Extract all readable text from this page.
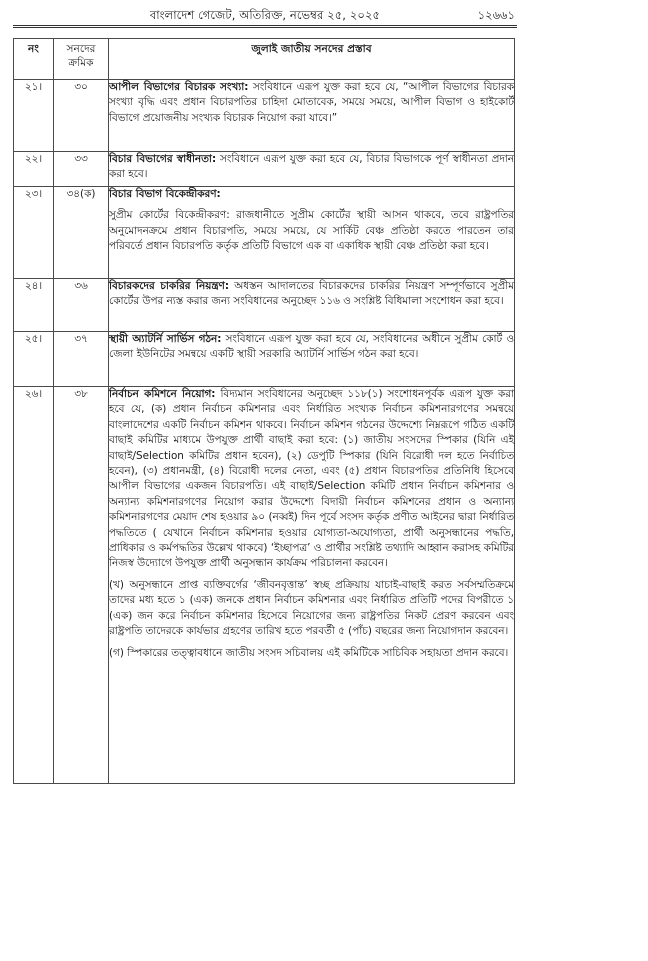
বাংলাদেশ গেজেট, অতিরিক্ত, নভেম্বর ২৫, ২০২৫	১২৬৬১
নং	সনদের ক্রমিক	জুলাই জাতীয় সনদের প্রস্তাব
২১।	৩০	আপীল বিভাগের বিচারক সংখ্যা: সংবিধানে এরূপ যুক্ত করা হবে যে, “আপীল বিভাগের বিচারক সংখ্যা বৃদ্ধি এবং প্রধান বিচারপতির চাহিদা মোতাবেক, সময়ে সময়ে, আপীল বিভাগ ও হাইকোর্ট বিভাগে প্রয়োজনীয় সংখ্যক বিচারক নিয়োগ করা যাবে।”

২২।	৩৩	বিচার বিভাগের স্বাধীনতা: সংবিধানে এরূপ যুক্ত করা হবে যে, বিচার বিভাগকে পূর্ণ স্বাধীনতা প্রদান করা হবে।

২৩।	৩৪(ক)	বিচার বিভাগ বিকেন্দ্রীকরণ:

সুপ্রীম কোর্টের বিকেন্দ্রীকরণ: রাজধানীতে সুপ্রীম কোর্টের স্থায়ী আসন থাকবে, তবে রাষ্ট্রপতির অনুমোদনক্রমে প্রধান বিচারপতি, সময়ে সময়ে, যে সার্কিট বেঞ্চ প্রতিষ্ঠা করতে পারতেন তার পরিবর্তে প্রধান বিচারপতি কর্তৃক প্রতিটি বিভাগে এক বা একাধিক স্থায়ী বেঞ্চ প্রতিষ্ঠা করা হবে।

২৪।	৩৬	বিচারকদের চাকরির নিয়ন্ত্রণ: অধস্তন আদালতের বিচারকদের চাকরির নিয়ন্ত্রণ সম্পূর্ণভাবে সুপ্রীম কোর্টের উপর ন্যস্ত করার জন্য সংবিধানের অনুচ্ছেদ ১১৬ ও সংশ্লিষ্ট বিধিমালা সংশোধন করা হবে।

২৫।	৩৭	স্থায়ী অ্যাটর্নি সার্ভিস গঠন: সংবিধানে এরূপ যুক্ত করা হবে যে, সংবিধানের অধীনে সুপ্রীম কোর্ট ও জেলা ইউনিটের সমন্বয়ে একটি স্থায়ী সরকারি অ্যাটর্নি সার্ভিস গঠন করা হবে।

২৬।	৩৮	নির্বাচন কমিশনে নিয়োগ: বিদ্যমান সংবিধানের অনুচ্ছেদ ১১৮(১) সংশোধনপূর্বক এরূপ যুক্ত করা হবে যে, (ক) প্রধান নির্বাচন কমিশনার এবং নির্ধারিত সংখ্যক নির্বাচন কমিশনারগণের সমন্বয়ে বাংলাদেশের একটি নির্বাচন কমিশন থাকবে। নির্বাচন কমিশন গঠনের উদ্দেশ্যে নিম্নরূপে গঠিত একটি বাছাই কমিটির মাধ্যমে উপযুক্ত প্রার্থী বাছাই করা হবে: (১) জাতীয় সংসদের স্পিকার (যিনি এই বাছাই/Selection কমিটির প্রধান হবেন), (২) ডেপুটি স্পিকার (যিনি বিরোধী দল হতে নির্বাচিত হবেন), (৩) প্রধানমন্ত্রী, (৪) বিরোধী দলের নেতা, এবং (৫) প্রধান বিচারপতির প্রতিনিধি হিসেবে আপীল বিভাগের একজন বিচারপতি। এই বাছাই/Selection কমিটি প্রধান নির্বাচন কমিশনার ও অন্যান্য কমিশনারগণের নিয়োগ করার উদ্দেশ্যে বিদায়ী নির্বাচন কমিশনের প্রধান ও অন্যান্য কমিশনারগণের মেয়াদ শেষ হওয়ার ৯০ (নব্বই) দিন পূর্বে সংসদ কর্তৃক প্রণীত আইনের দ্বারা নির্ধারিত পদ্ধতিতে ( যেখানে নির্বাচন কমিশনার হওয়ার যোগ্যতা-অযোগ্যতা, প্রার্থী অনুসন্ধানের পদ্ধতি, প্রাধিকার ও কর্মপদ্ধতির উল্লেখ থাকবে) ‘ইচ্ছাপত্র’ ও প্রার্থীর সংশ্লিষ্ট তথ্যাদি আহ্বান করাসহ কমিটির নিজস্ব উদ্যোগে উপযুক্ত প্রার্থী অনুসন্ধান কার্যক্রম পরিচালনা করবেন।

(খ) অনুসন্ধানে প্রাপ্ত ব্যক্তিবর্গের ‘জীবনবৃত্তান্ত’ স্বচ্ছ প্রক্রিয়ায় যাচাই-বাছাই করত সর্বসম্মতিক্রমে তাদের মধ্য হতে ১ (এক) জনকে প্রধান নির্বাচন কমিশনার এবং নির্ধারিত প্রতিটি পদের বিপরীতে ১ (এক) জন করে নির্বাচন কমিশনার হিসেবে নিয়োগের জন্য রাষ্ট্রপতির নিকট প্রেরণ করবেন এবং রাষ্ট্রপতি তাদেরকে কার্যভার গ্রহণের তারিখ হতে পরবর্তী ৫ (পাঁচ) বছরের জন্য নিয়োগদান করবেন।

(গ) স্পিকারের তত্ত্বাবধানে জাতীয় সংসদ সচিবালয় এই কমিটিকে সাচিবিক সহায়তা প্রদান করবে।
